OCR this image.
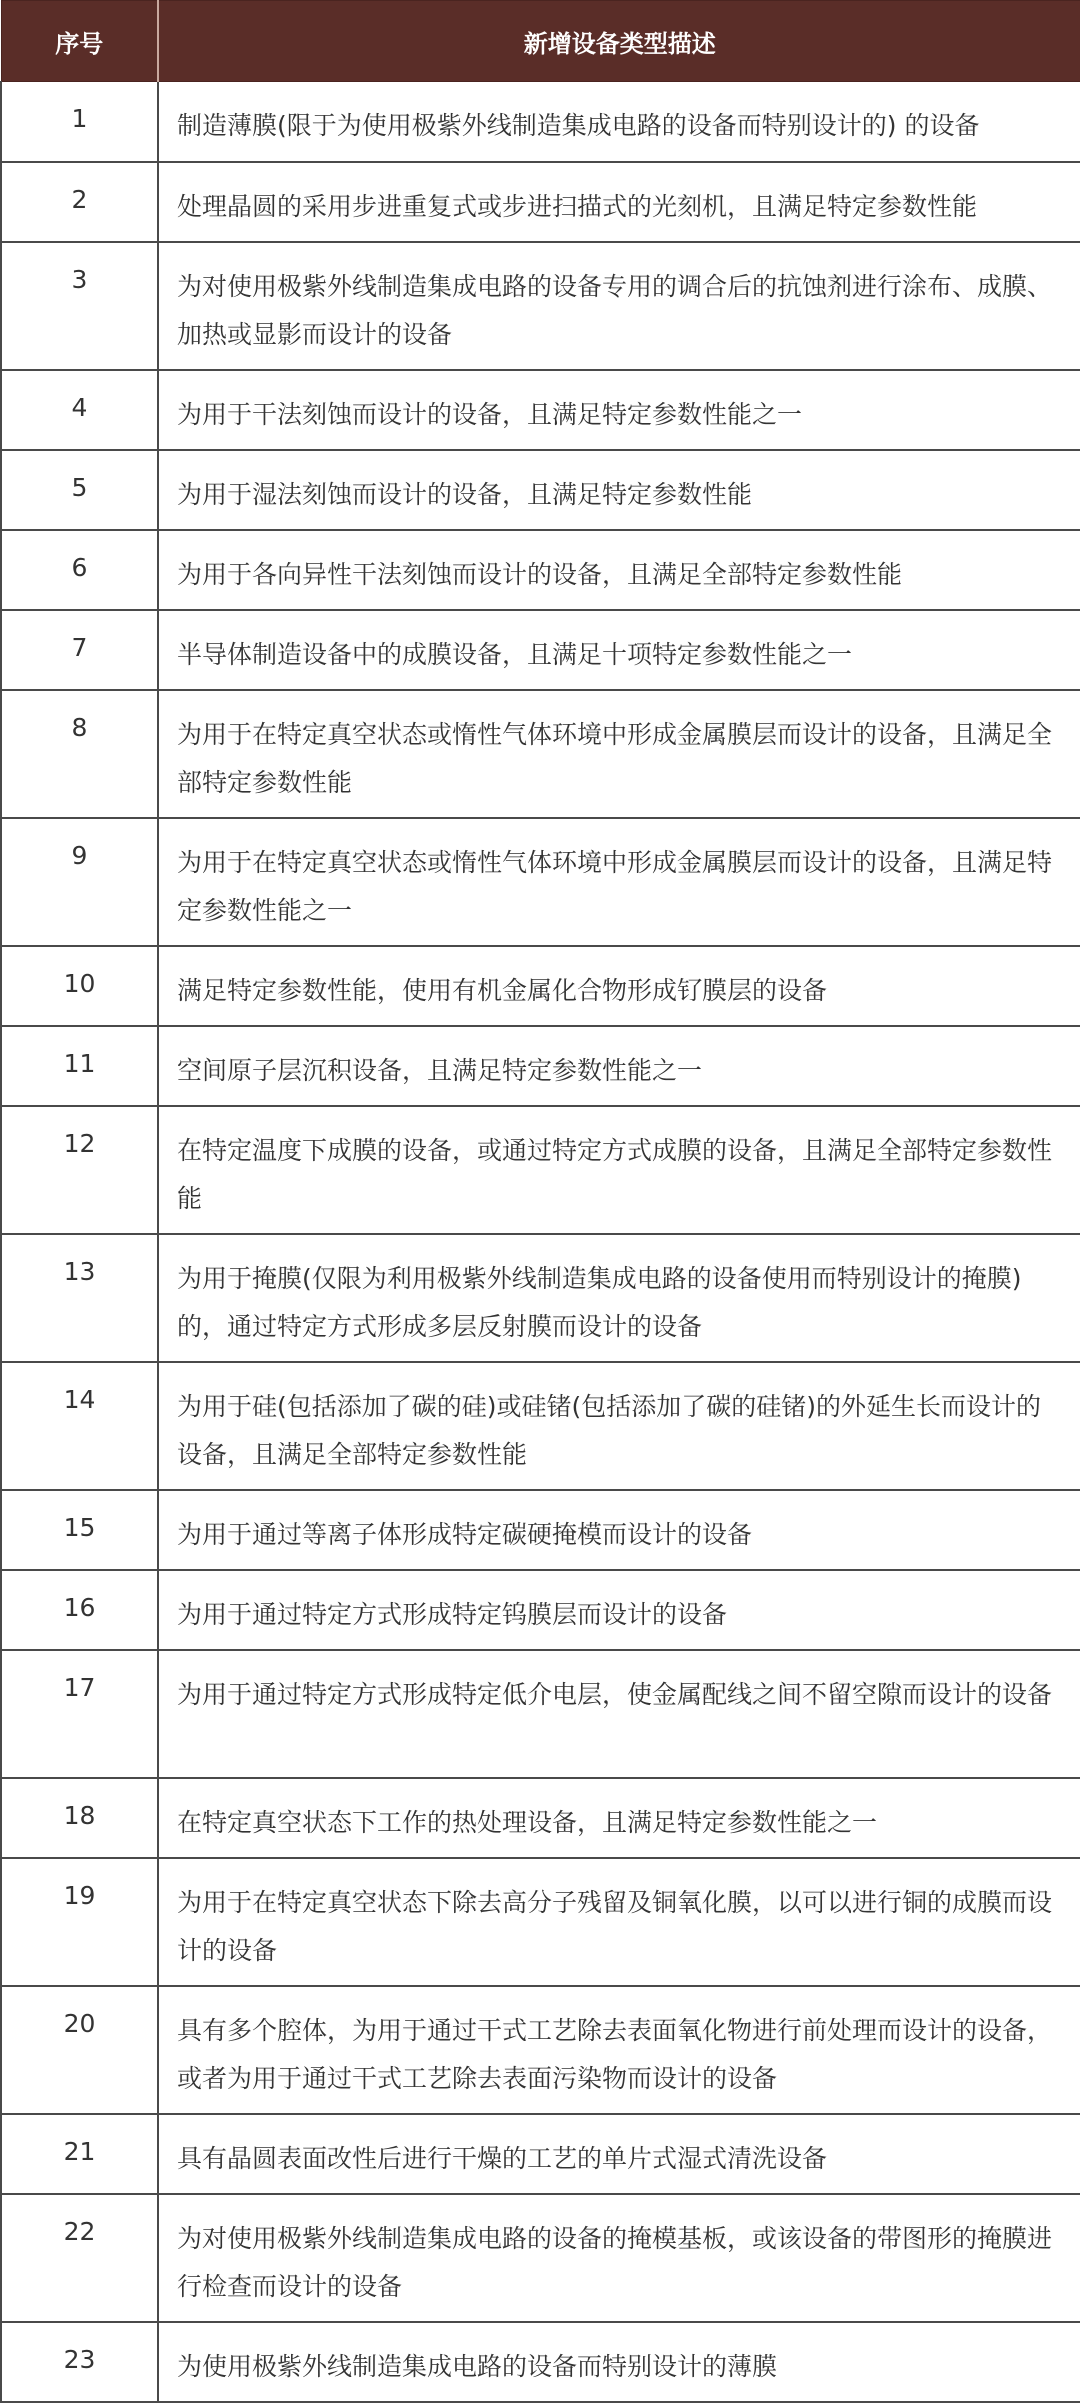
序号	新增设备类型描述
1	制造薄膜(限于为使用极紫外线制造集成电路的设备而特别设计的) 的设备
2	处理晶圆的采用步进重复式或步进扫描式的光刻机，且满足特定参数性能
3	为对使用极紫外线制造集成电路的设备专用的调合后的抗蚀剂进行涂布、成膜、加热或显影而设计的设备
4	为用于干法刻蚀而设计的设备，且满足特定参数性能之一
5	为用于湿法刻蚀而设计的设备，且满足特定参数性能
6	为用于各向异性干法刻蚀而设计的设备，且满足全部特定参数性能
7	半导体制造设备中的成膜设备，且满足十项特定参数性能之一
8	为用于在特定真空状态或惰性气体环境中形成金属膜层而设计的设备，且满足全部特定参数性能
9	为用于在特定真空状态或惰性气体环境中形成金属膜层而设计的设备，且满足特定参数性能之一
10	满足特定参数性能，使用有机金属化合物形成钌膜层的设备
11	空间原子层沉积设备，且满足特定参数性能之一
12	在特定温度下成膜的设备，或通过特定方式成膜的设备，且满足全部特定参数性能
13	为用于掩膜(仅限为利用极紫外线制造集成电路的设备使用而特别设计的掩膜)的，通过特定方式形成多层反射膜而设计的设备
14	为用于硅(包括添加了碳的硅)或硅锗(包括添加了碳的硅锗)的外延生长而设计的设备，且满足全部特定参数性能
15	为用于通过等离子体形成特定碳硬掩模而设计的设备
16	为用于通过特定方式形成特定钨膜层而设计的设备
17	为用于通过特定方式形成特定低介电层，使金属配线之间不留空隙而设计的设备
18	在特定真空状态下工作的热处理设备，且满足特定参数性能之一
19	为用于在特定真空状态下除去高分子残留及铜氧化膜，以可以进行铜的成膜而设计的设备
20	具有多个腔体，为用于通过干式工艺除去表面氧化物进行前处理而设计的设备，或者为用于通过干式工艺除去表面污染物而设计的设备
21	具有晶圆表面改性后进行干燥的工艺的单片式湿式清洗设备
22	为对使用极紫外线制造集成电路的设备的掩模基板，或该设备的带图形的掩膜进行检查而设计的设备
23	为使用极紫外线制造集成电路的设备而特别设计的薄膜
